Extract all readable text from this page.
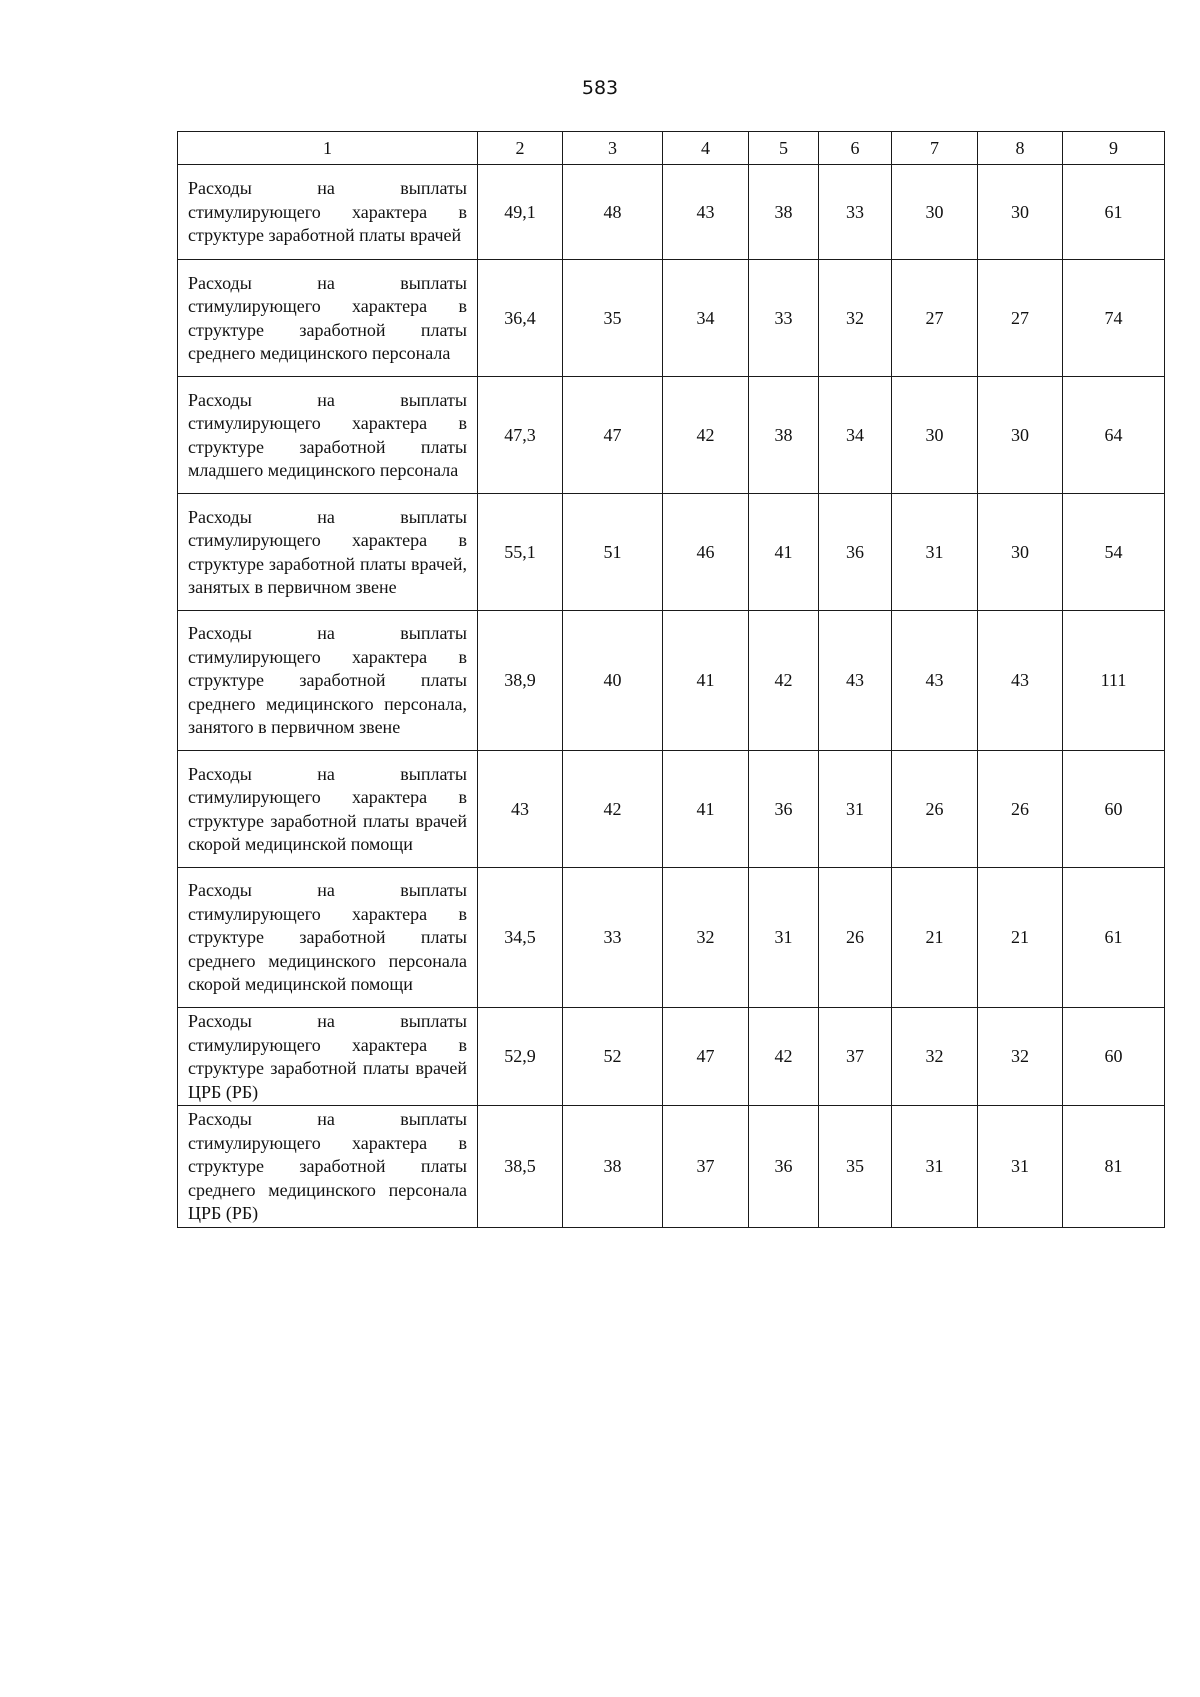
583
1	2	3	4	5	6	7	8	9
Расходы на выплаты стимулирующего характера в структуре заработной платы врачей	49,1	48	43	38	33	30	30	61
Расходы на выплаты стимулирующего характера в структуре заработной платы среднего медицинского персонала	36,4	35	34	33	32	27	27	74
Расходы на выплаты стимулирующего характера в структуре заработной платы младшего медицинского персонала	47,3	47	42	38	34	30	30	64
Расходы на выплаты стимулирующего характера в структуре заработной платы врачей, занятых в первичном звене	55,1	51	46	41	36	31	30	54
Расходы на выплаты стимулирующего характера в структуре заработной платы среднего медицинского персонала, занятого в первичном звене	38,9	40	41	42	43	43	43	111
Расходы на выплаты стимулирующего характера в структуре заработной платы врачей скорой медицинской помощи	43	42	41	36	31	26	26	60
Расходы на выплаты стимулирующего характера в структуре заработной платы среднего медицинского персонала скорой медицинской помощи	34,5	33	32	31	26	21	21	61
Расходы на выплаты стимулирующего характера в структуре заработной платы врачей ЦРБ (РБ)	52,9	52	47	42	37	32	32	60
Расходы на выплаты стимулирующего характера в структуре заработной платы среднего медицинского персонала ЦРБ (РБ)	38,5	38	37	36	35	31	31	81
